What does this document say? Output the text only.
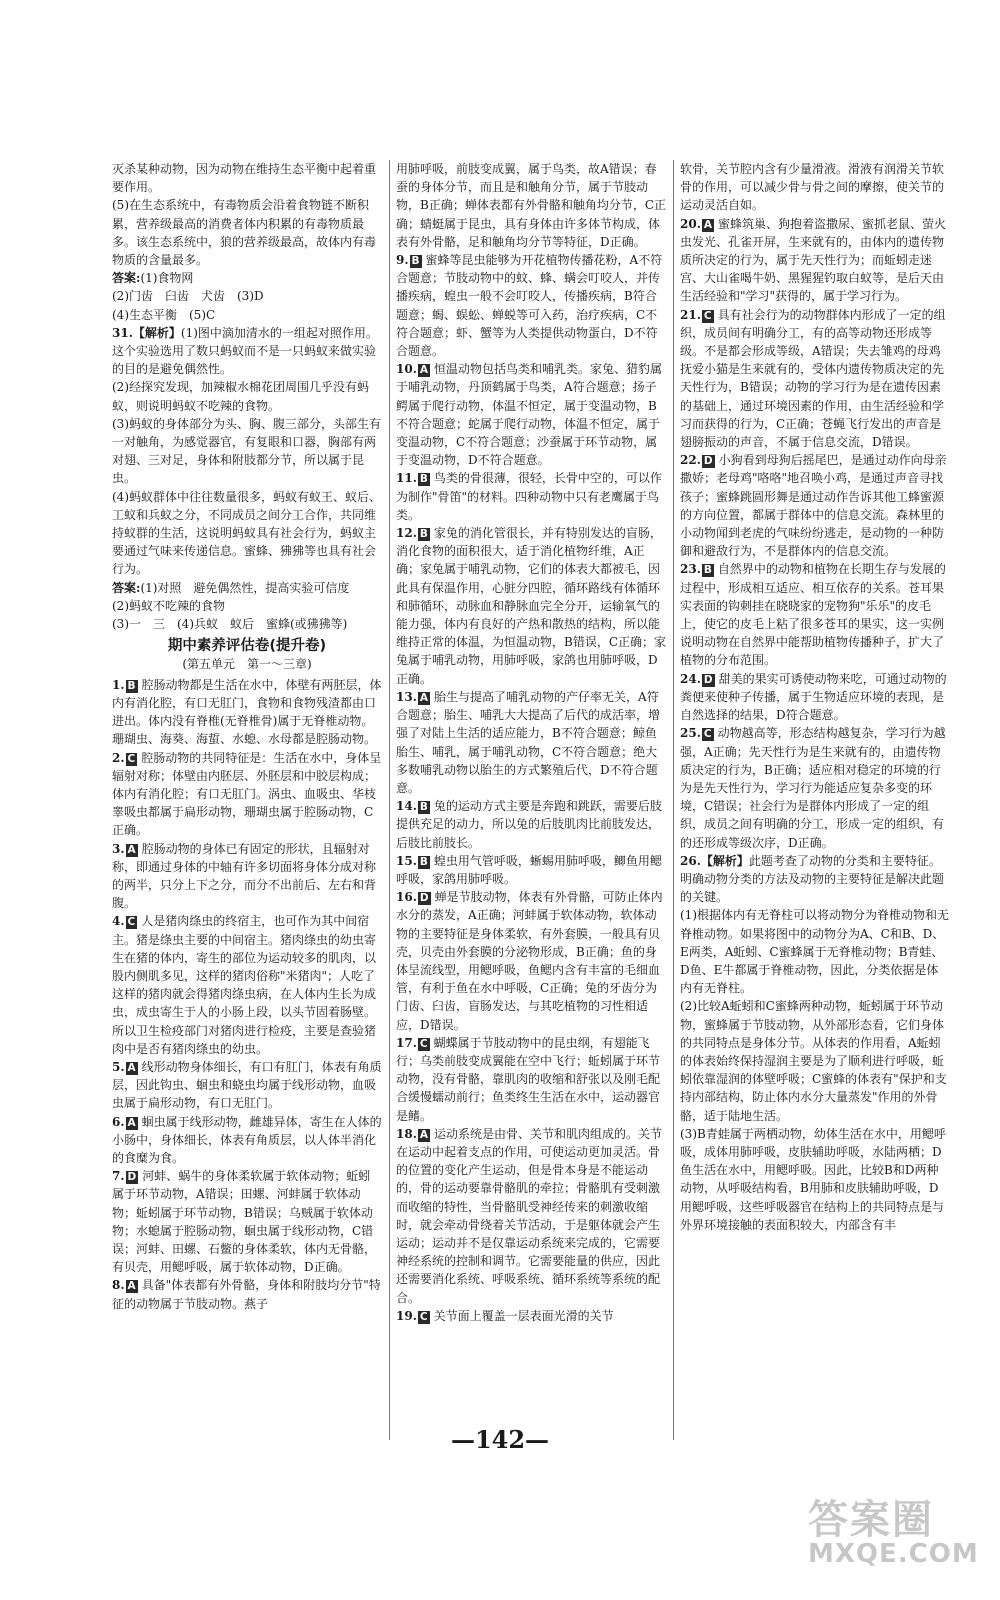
灭杀某种动物，因为动物在维持生态平衡中起着重要作用。

(5)在生态系统中，有毒物质会沿着食物链不断积累，营养级最高的消费者体内积累的有毒物质最多。该生态系统中，狼的营养级最高，故体内有毒物质的含量最多。

答案:(1)食物网

(2)门齿　臼齿　犬齿　(3)D

(4)生态平衡　(5)C

31.【解析】(1)图中滴加清水的一组起对照作用。这个实验选用了数只蚂蚁而不是一只蚂蚁来做实验的目的是避免偶然性。

(2)经探究发现，加辣椒水棉花团周围几乎没有蚂蚁，则说明蚂蚁不吃辣的食物。

(3)蚂蚁的身体部分为头、胸、腹三部分，头部生有一对触角，为感觉器官，有复眼和口器，胸部有两对翅、三对足，身体和附肢都分节，所以属于昆虫。

(4)蚂蚁群体中往往数量很多，蚂蚁有蚁王、蚁后、工蚁和兵蚁之分，不同成员之间分工合作，共同维持蚁群的生活，这说明蚂蚁具有社会行为，蚂蚁主要通过气味来传递信息。蜜蜂、狒狒等也具有社会行为。

答案:(1)对照　避免偶然性，提高实验可信度

(2)蚂蚁不吃辣的食物

(3)一　三　(4)兵蚁　蚁后　蜜蜂(或狒狒等)

期中素养评估卷(提升卷)
(第五单元　第一～三章)

1. B 腔肠动物都是生活在水中，体壁有两胚层，体内有消化腔，有口无肛门，食物和食物残渣都由口进出。体内没有脊椎(无脊椎骨)属于无脊椎动物。珊瑚虫、海葵、海蜇、水螅、水母都是腔肠动物。

2. C 腔肠动物的共同特征是：生活在水中，身体呈辐射对称；体壁由内胚层、外胚层和中胶层构成；体内有消化腔；有口无肛门。涡虫、血吸虫、华枝睾吸虫都属于扁形动物，珊瑚虫属于腔肠动物，C正确。

3. A 腔肠动物的身体已有固定的形状，且辐射对称，即通过身体的中轴有许多切面将身体分成对称的两半，只分上下之分，而分不出前后、左右和背腹。

4. C 人是猪肉绦虫的终宿主，也可作为其中间宿主。猪是绦虫主要的中间宿主。猪肉绦虫的幼虫寄生在猪的体内，寄生的部位为运动较多的肌肉，以股内侧肌多见，这样的猪肉俗称"米猪肉"；人吃了这样的猪肉就会得猪肉绦虫病，在人体内生长为成虫，成虫寄生于人的小肠上段，以头节固着肠壁。所以卫生检疫部门对猪肉进行检疫，主要是查验猪肉中是否有猪肉绦虫的幼虫。

5. A 线形动物身体细长，有口有肛门，体表有角质层，因此钩虫、蛔虫和蛲虫均属于线形动物，血吸虫属于扁形动物，有口无肛门。

6. A 蛔虫属于线形动物，雌雄异体，寄生在人体的小肠中，身体细长，体表有角质层，以人体半消化的食糜为食。

7. D 河蚌、蜗牛的身体柔软属于软体动物；蚯蚓属于环节动物，A错误；田螺、河蚌属于软体动物；蚯蚓属于环节动物，B错误；乌贼属于软体动物；水螅属于腔肠动物，蛔虫属于线形动物，C错误；河蚌、田螺、石鳖的身体柔软，体内无骨骼，有贝壳，用鳃呼吸，属于软体动物，D正确。

8. A 具备"体表都有外骨骼，身体和附肢均分节"特征的动物属于节肢动物。燕子

用肺呼吸，前肢变成翼，属于鸟类，故A错误；春蚕的身体分节，而且是和触角分节，属于节肢动物，B正确；蝉体表都有外骨骼和触角均分节，C正确；蜻蜓属于昆虫，具有身体由许多体节构成，体表有外骨骼，足和触角均分节等特征，D正确。

9. B 蜜蜂等昆虫能够为开花植物传播花粉，A不符合题意；节肢动物中的蚊、蜂、螨会叮咬人，并传播疾病，蝗虫一般不会叮咬人，传播疾病，B符合题意；蝎、蜈蚣、蝉蜕等可入药，治疗疾病，C不符合题意；虾、蟹等为人类提供动物蛋白，D不符合题意。

10. A 恒温动物包括鸟类和哺乳类。家兔、猎豹属于哺乳动物，丹顶鹤属于鸟类，A符合题意；扬子鳄属于爬行动物，体温不恒定，属于变温动物，B不符合题意；蛇属于爬行动物，体温不恒定，属于变温动物，C不符合题意；沙蚕属于环节动物，属于变温动物，D不符合题意。

11. B 鸟类的骨很薄，很轻，长骨中空的，可以作为制作"骨笛"的材料。四种动物中只有老鹰属于鸟类。

12. B 家兔的消化管很长，并有特别发达的盲肠，消化食物的面积很大，适于消化植物纤维，A正确；家兔属于哺乳动物，它们的体表大都被毛，因此具有保温作用，心脏分四腔，循环路线有体循环和肺循环，动脉血和静脉血完全分开，运输氧气的能力强，体内有良好的产热和散热的结构，所以能维持正常的体温，为恒温动物，B错误，C正确；家兔属于哺乳动物，用肺呼吸，家鸽也用肺呼吸，D正确。

13. A 胎生与提高了哺乳动物的产仔率无关，A符合题意；胎生、哺乳大大提高了后代的成活率，增强了对陆上生活的适应能力，B不符合题意；鲸鱼胎生、哺乳，属于哺乳动物，C不符合题意；绝大多数哺乳动物以胎生的方式繁殖后代，D不符合题意。

14. B 兔的运动方式主要是奔跑和跳跃，需要后肢提供充足的动力，所以兔的后肢肌肉比前肢发达，后肢比前肢长。

15. B 蝗虫用气管呼吸，蜥蜴用肺呼吸，鲫鱼用鳃呼吸，家鸽用肺呼吸。

16. D 蝉是节肢动物，体表有外骨骼，可防止体内水分的蒸发，A正确；河蚌属于软体动物，软体动物的主要特征是身体柔软，有外套膜，一般具有贝壳，贝壳由外套膜的分泌物形成，B正确；鱼的身体呈流线型，用鳃呼吸，鱼鳃内含有丰富的毛细血管，有利于鱼在水中呼吸，C正确；兔的牙齿分为门齿、臼齿，盲肠发达，与其吃植物的习性相适应，D错误。

17. C 蝴蝶属于节肢动物中的昆虫纲，有翅能飞行；乌类前肢变成翼能在空中飞行；蚯蚓属于环节动物，没有骨骼，靠肌肉的收缩和舒张以及刚毛配合缓慢蠕动前行；鱼类终生生活在水中，运动器官是鳍。

18. A 运动系统是由骨、关节和肌肉组成的。关节在运动中起着支点的作用，可使运动更加灵活。骨的位置的变化产生运动，但是骨本身是不能运动的，骨的运动要靠骨骼肌的牵拉；骨骼肌有受刺激而收缩的特性，当骨骼肌受神经传来的刺激收缩时，就会牵动骨绕着关节活动，于是躯体就会产生运动；运动并不是仅靠运动系统来完成的，它需要神经系统的控制和调节。它需要能量的供应，因此还需要消化系统、呼吸系统、循环系统等系统的配合。

19. C 关节面上覆盖一层表面光滑的关节

软骨，关节腔内含有少量滑液。滑液有润滑关节软骨的作用，可以减少骨与骨之间的摩擦，使关节的运动灵活自如。

20. A 蜜蜂筑巢、狗抱着盗撒尿、蜜抓老鼠、萤火虫发光、孔雀开屏，生来就有的，由体内的遗传物质所决定的行为，属于先天性行为；而蚯蚓走迷宫、大山雀喝牛奶、黑猩猩钓取白蚁等，是后天由生活经验和"学习"获得的，属于学习行为。

21. C 具有社会行为的动物群体内形成了一定的组织，成员间有明确分工，有的高等动物还形成等级。不是都会形成等级，A错误；失去雏鸡的母鸡抚爱小猫是生来就有的，受体内遗传物质决定的先天性行为，B错误；动物的学习行为是在遗传因素的基础上，通过环境因素的作用，由生活经验和学习而获得的行为，C正确；苍蝇飞行发出的声音是翅膀振动的声音，不属于信息交流，D错误。

22. D 小狗看到母狗后摇尾巴，是通过动作向母亲撒娇；老母鸡"咯咯"地召唤小鸡，是通过声音寻找孩子；蜜蜂跳圆形舞是通过动作告诉其他工蜂蜜源的方向位置，都属于群体中的信息交流。森林里的小动物闻到老虎的气味纷纷逃走，是动物的一种防御和避敌行为，不是群体内的信息交流。

23. B 自然界中的动物和植物在长期生存与发展的过程中，形成相互适应、相互依存的关系。苍耳果实表面的钩刺挂在晓晓家的宠物狗"乐乐"的皮毛上，使它的皮毛上粘了很多苍耳的果实，这一实例说明动物在自然界中能帮助植物传播种子，扩大了植物的分布范围。

24. D 甜美的果实可诱使动物来吃，可通过动物的粪便来使种子传播，属于生物适应环境的表现，是自然选择的结果，D符合题意。

25. C 动物越高等，形态结构越复杂，学习行为越强，A正确；先天性行为是生来就有的，由遗传物质决定的行为，B正确；适应相对稳定的环境的行为是先天性行为，学习行为能适应复杂多变的环境，C错误；社会行为是群体内形成了一定的组织，成员之间有明确的分工，形成一定的组织，有的还形成等级次序，D正确。

26.【解析】此题考查了动物的分类和主要特征。明确动物分类的方法及动物的主要特征是解决此题的关键。

(1)根据体内有无脊柱可以将动物分为脊椎动物和无脊椎动物。如果将图中的动物分为A、C和B、D、E两类，A蚯蚓、C蜜蜂属于无脊椎动物；B青蛙、D鱼、E牛都属于脊椎动物，因此，分类依据是体内有无脊柱。

(2)比较A蚯蚓和C蜜蜂两种动物，蚯蚓属于环节动物，蜜蜂属于节肢动物，从外部形态看，它们身体的共同特点是身体分节。从体表的作用看，A蚯蚓的体表始终保持湿润主要是为了顺利进行呼吸，蚯蚓依靠湿润的体壁呼吸；C蜜蜂的体表有"保护和支持内部结构，防止体内水分大量蒸发"作用的外骨骼，适于陆地生活。

(3)B青蛙属于两栖动物，幼体生活在水中，用鳃呼吸，成体用肺呼吸，皮肤辅助呼吸，水陆两栖；D鱼生活在水中，用鳃呼吸。因此，比较B和D两种动物，从呼吸结构看，B用肺和皮肤辅助呼吸，D用鳃呼吸，这些呼吸器官在结构上的共同特点是与外界环境接触的表面积较大，内部含有丰

—142—
答案圈
MXQE.COM
